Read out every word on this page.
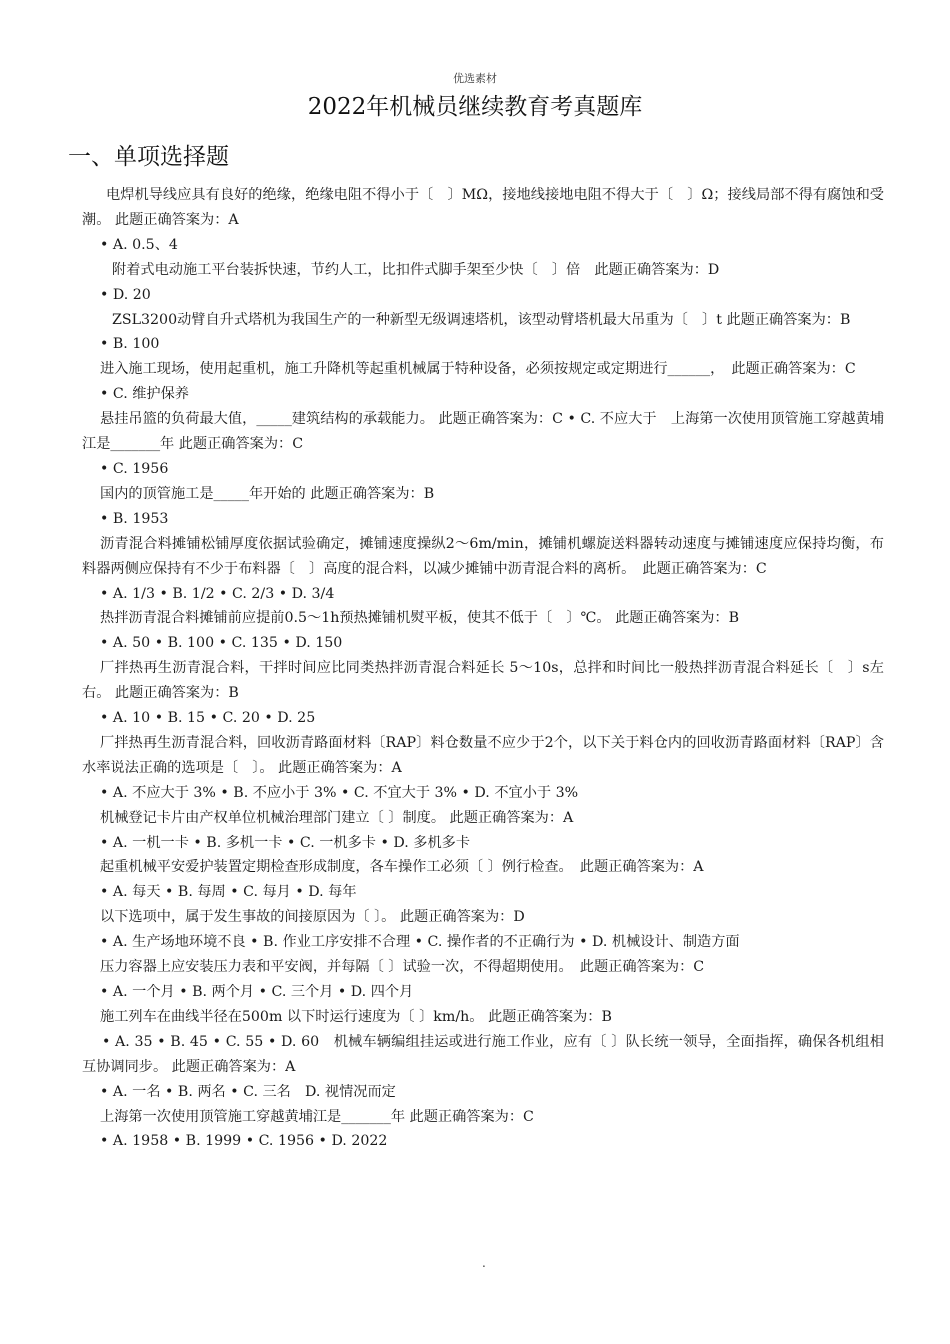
优选素材
2022年机械员继续教育考真题库
一、单项选择题

电焊机导线应具有良好的绝缘，绝缘电阻不得小于〔　〕MΩ，接地线接地电阻不得大于〔　〕Ω；接线局部不得有腐蚀和受潮。 此题正确答案为：A

• A. 0.5、4

附着式电动施工平台装拆快速，节约人工，比扣件式脚手架至少快〔　〕倍　此题正确答案为：D

• D. 20

ZSL3200动臂自升式塔机为我国生产的一种新型无级调速塔机，该型动臂塔机最大吊重为〔　〕t 此题正确答案为：B

• B. 100

进入施工现场，使用起重机，施工升降机等起重机械属于特种设备，必须按规定或定期进行______，　此题正确答案为：C

• C. 维护保养

悬挂吊篮的负荷最大值，_____建筑结构的承载能力。 此题正确答案为：C • C. 不应大于　上海第一次使用顶管施工穿越黄埔江是_______年 此题正确答案为：C

• C. 1956

国内的顶管施工是_____年开始的 此题正确答案为：B

• B. 1953

沥青混合料摊铺松铺厚度依据试验确定，摊铺速度操纵2～6m/min，摊铺机螺旋送料器转动速度与摊铺速度应保持均衡，布料器两侧应保持有不少于布料器〔　〕高度的混合料，以减少摊铺中沥青混合料的离析。　此题正确答案为：C

• A. 1/3 • B. 1/2 • C. 2/3 • D. 3/4

热拌沥青混合料摊铺前应提前0.5～1h预热摊铺机熨平板，使其不低于〔　〕℃。 此题正确答案为：B

• A. 50 • B. 100 • C. 135 • D. 150

厂拌热再生沥青混合料，干拌时间应比同类热拌沥青混合料延长 5～10s，总拌和时间比一般热拌沥青混合料延长〔　〕s左右。 此题正确答案为：B

• A. 10 • B. 15 • C. 20 • D. 25

厂拌热再生沥青混合料，回收沥青路面材料〔RAP〕料仓数量不应少于2个，以下关于料仓内的回收沥青路面材料〔RAP〕含水率说法正确的选项是〔　〕。 此题正确答案为：A

• A. 不应大于 3% • B. 不应小于 3% • C. 不宜大于 3% • D. 不宜小于 3%

机械登记卡片由产权单位机械治理部门建立〔 〕制度。 此题正确答案为：A

• A. 一机一卡 • B. 多机一卡 • C. 一机多卡 • D. 多机多卡

起重机械平安爱护装置定期检查形成制度，各车操作工必须〔 〕例行检查。　此题正确答案为：A

• A. 每天 • B. 每周 • C. 每月 • D. 每年

以下选项中，属于发生事故的间接原因为〔 〕。 此题正确答案为：D

• A. 生产场地环境不良 • B. 作业工序安排不合理 • C. 操作者的不正确行为 • D. 机械设计、制造方面

压力容器上应安装压力表和平安阀，并每隔〔 〕试验一次，不得超期使用。　此题正确答案为：C

• A. 一个月 • B. 两个月 • C. 三个月 • D. 四个月

施工列车在曲线半径在500m 以下时运行速度为〔 〕km/h。 此题正确答案为：B

• A. 35 • B. 45 • C. 55 • D. 60　机械车辆编组挂运或进行施工作业，应有〔 〕队长统一领导，全面指挥，确保各机组相互协调同步。 此题正确答案为：A

• A. 一名 • B. 两名 • C. 三名　D. 视情况而定

上海第一次使用顶管施工穿越黄埔江是_______年 此题正确答案为：C

• A. 1958 • B. 1999 • C. 1956 • D. 2022

.
